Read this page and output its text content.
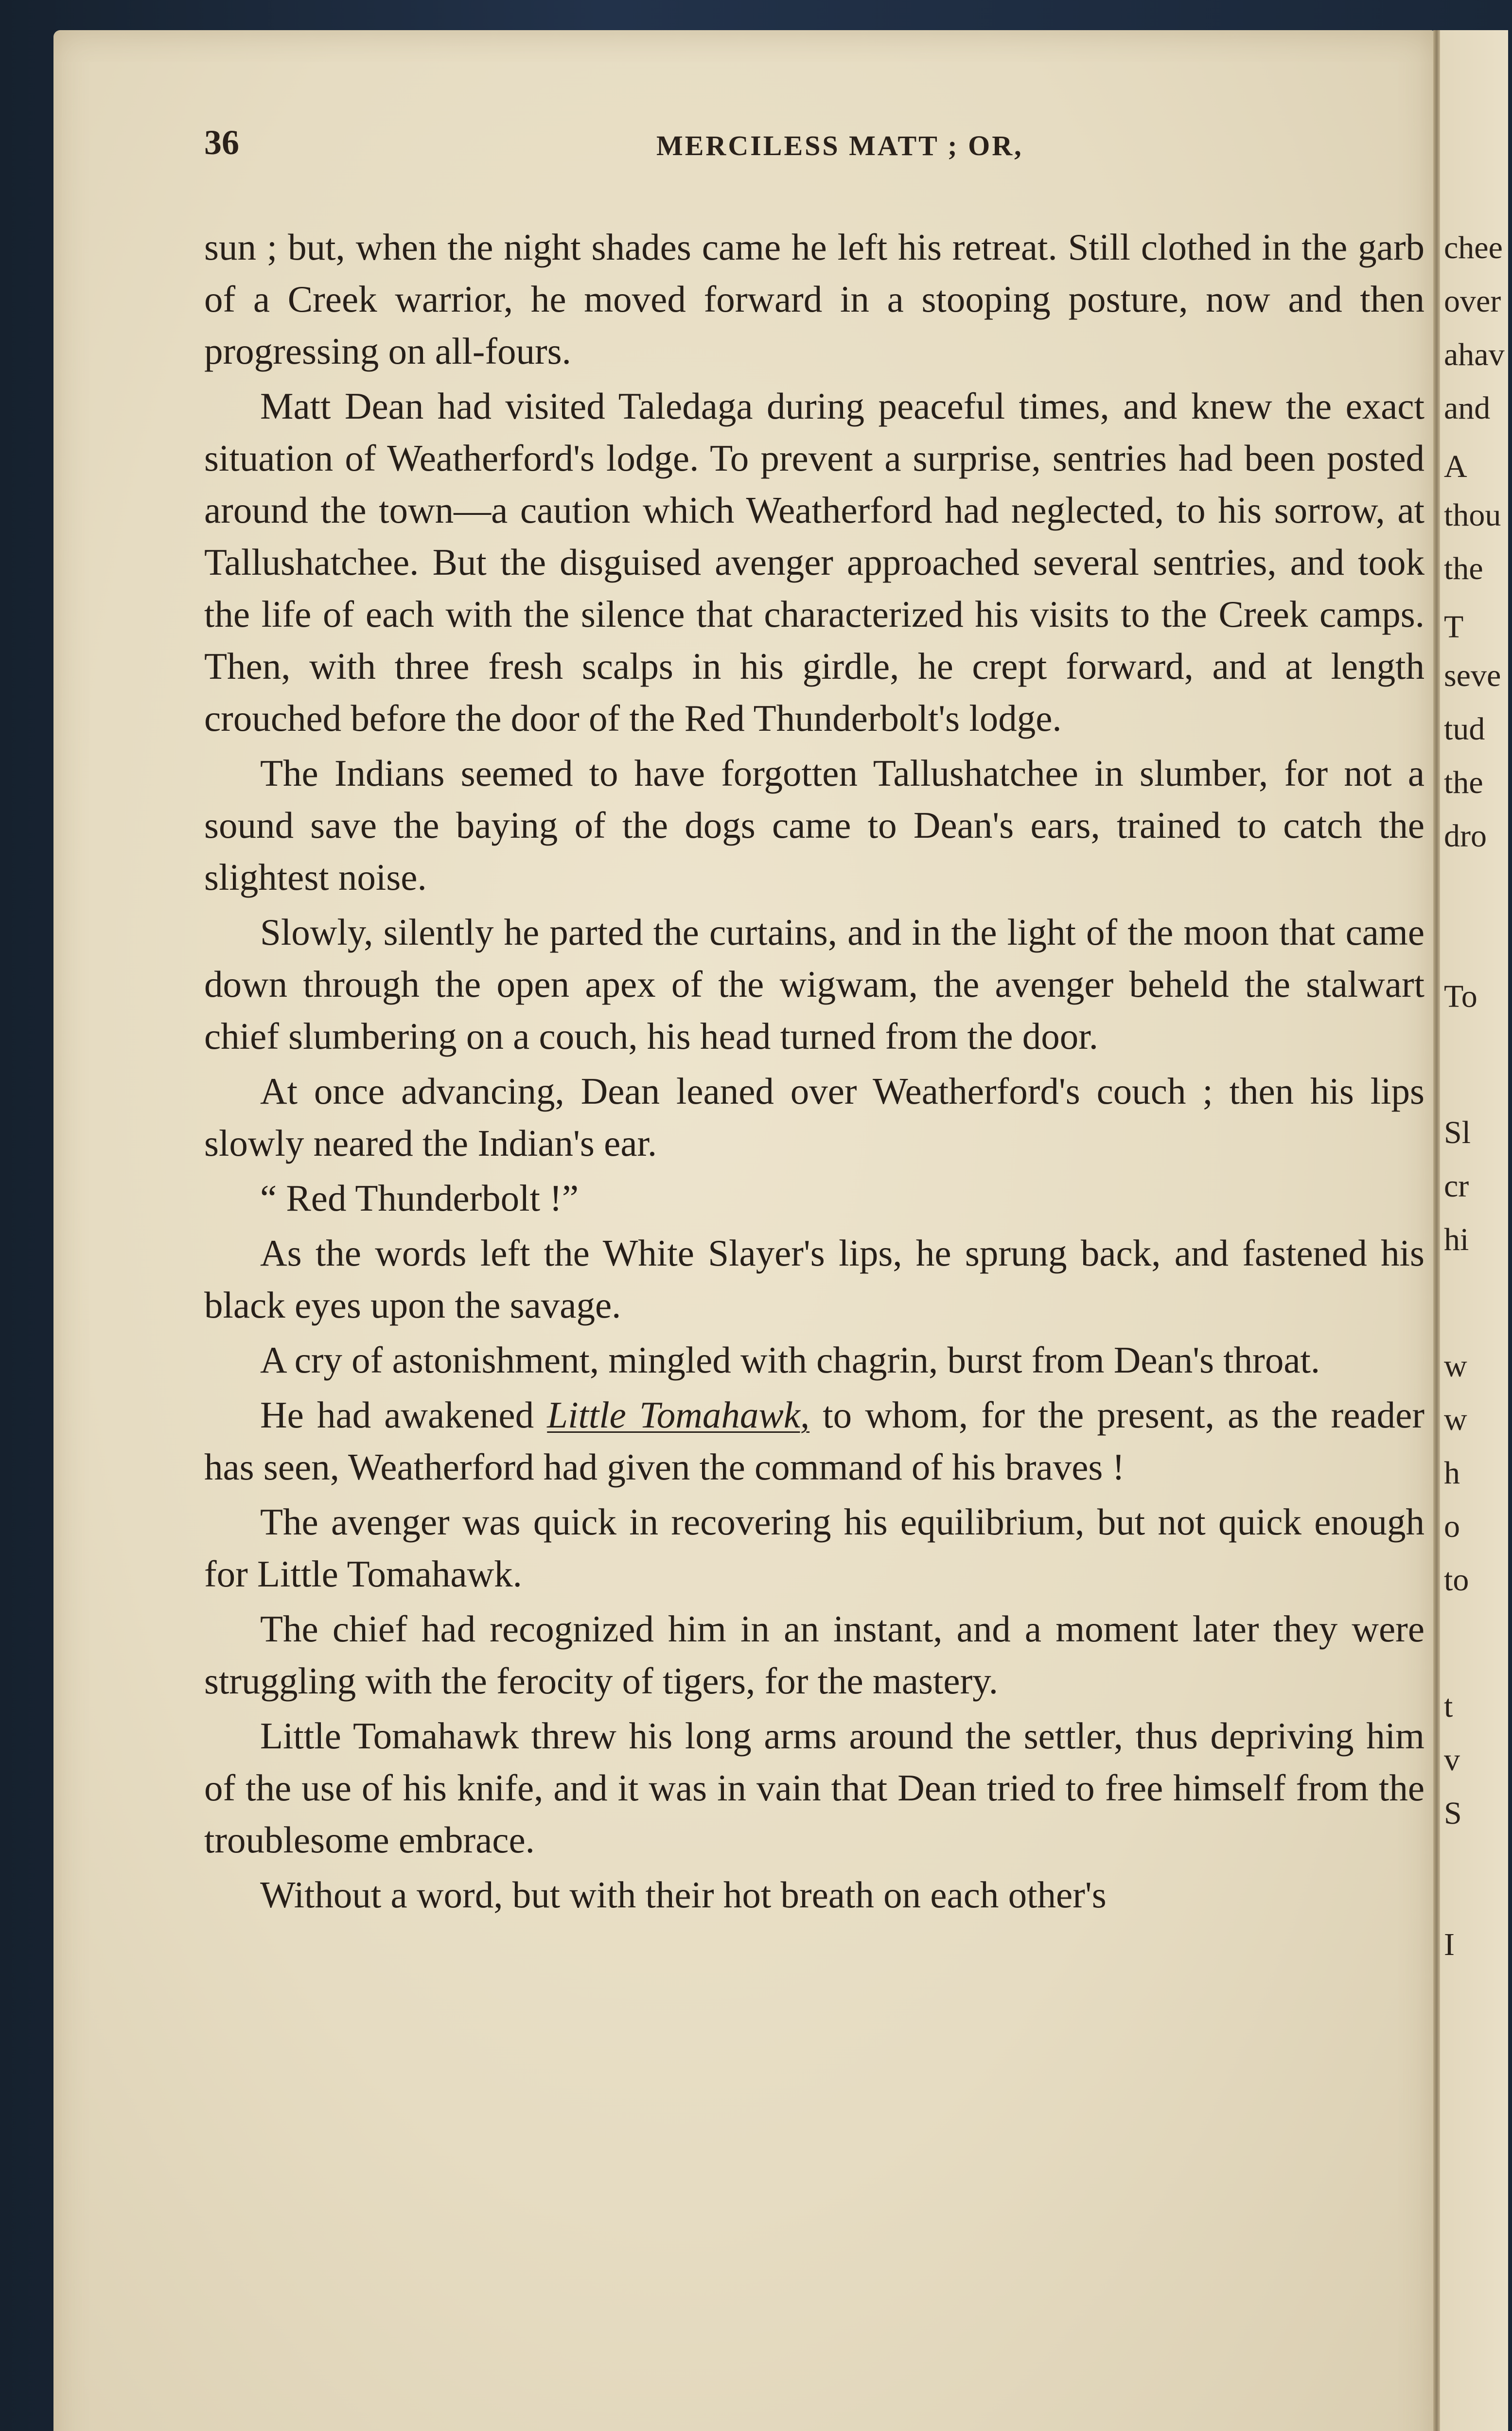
36	MERCILESS MATT ; OR,
chee
over
ahav
and
A
thou
the
T
seve
tud
the
dro
To
Sl
cr
hi
w
w
h
o
to
t
v
S
I

sun ; but, when the night shades came he left his retreat. Still clothed in the garb of a Creek warrior, he moved forward in a stooping posture, now and then progressing on all-fours.

Matt Dean had visited Taledaga during peaceful times, and knew the exact situation of Weatherford's lodge. To prevent a surprise, sentries had been posted around the town—a caution which Weatherford had neglected, to his sorrow, at Tallushatchee. But the disguised avenger approached several sentries, and took the life of each with the silence that characterized his visits to the Creek camps. Then, with three fresh scalps in his girdle, he crept forward, and at length crouched before the door of the Red Thunderbolt's lodge.

The Indians seemed to have forgotten Tallushatchee in slumber, for not a sound save the baying of the dogs came to Dean's ears, trained to catch the slightest noise.

Slowly, silently he parted the curtains, and in the light of the moon that came down through the open apex of the wigwam, the avenger beheld the stalwart chief slumbering on a couch, his head turned from the door.

At once advancing, Dean leaned over Weatherford's couch ; then his lips slowly neared the Indian's ear.

“ Red Thunderbolt !”

As the words left the White Slayer's lips, he sprung back, and fastened his black eyes upon the savage.

A cry of astonishment, mingled with chagrin, burst from Dean's throat.

He had awakened Little Tomahawk, to whom, for the present, as the reader has seen, Weatherford had given the command of his braves !

The avenger was quick in recovering his equilibrium, but not quick enough for Little Tomahawk.

The chief had recognized him in an instant, and a moment later they were struggling with the ferocity of tigers, for the mastery.

Little Tomahawk threw his long arms around the settler, thus depriving him of the use of his knife, and it was in vain that Dean tried to free himself from the troublesome embrace.

Without a word, but with their hot breath on each other's
